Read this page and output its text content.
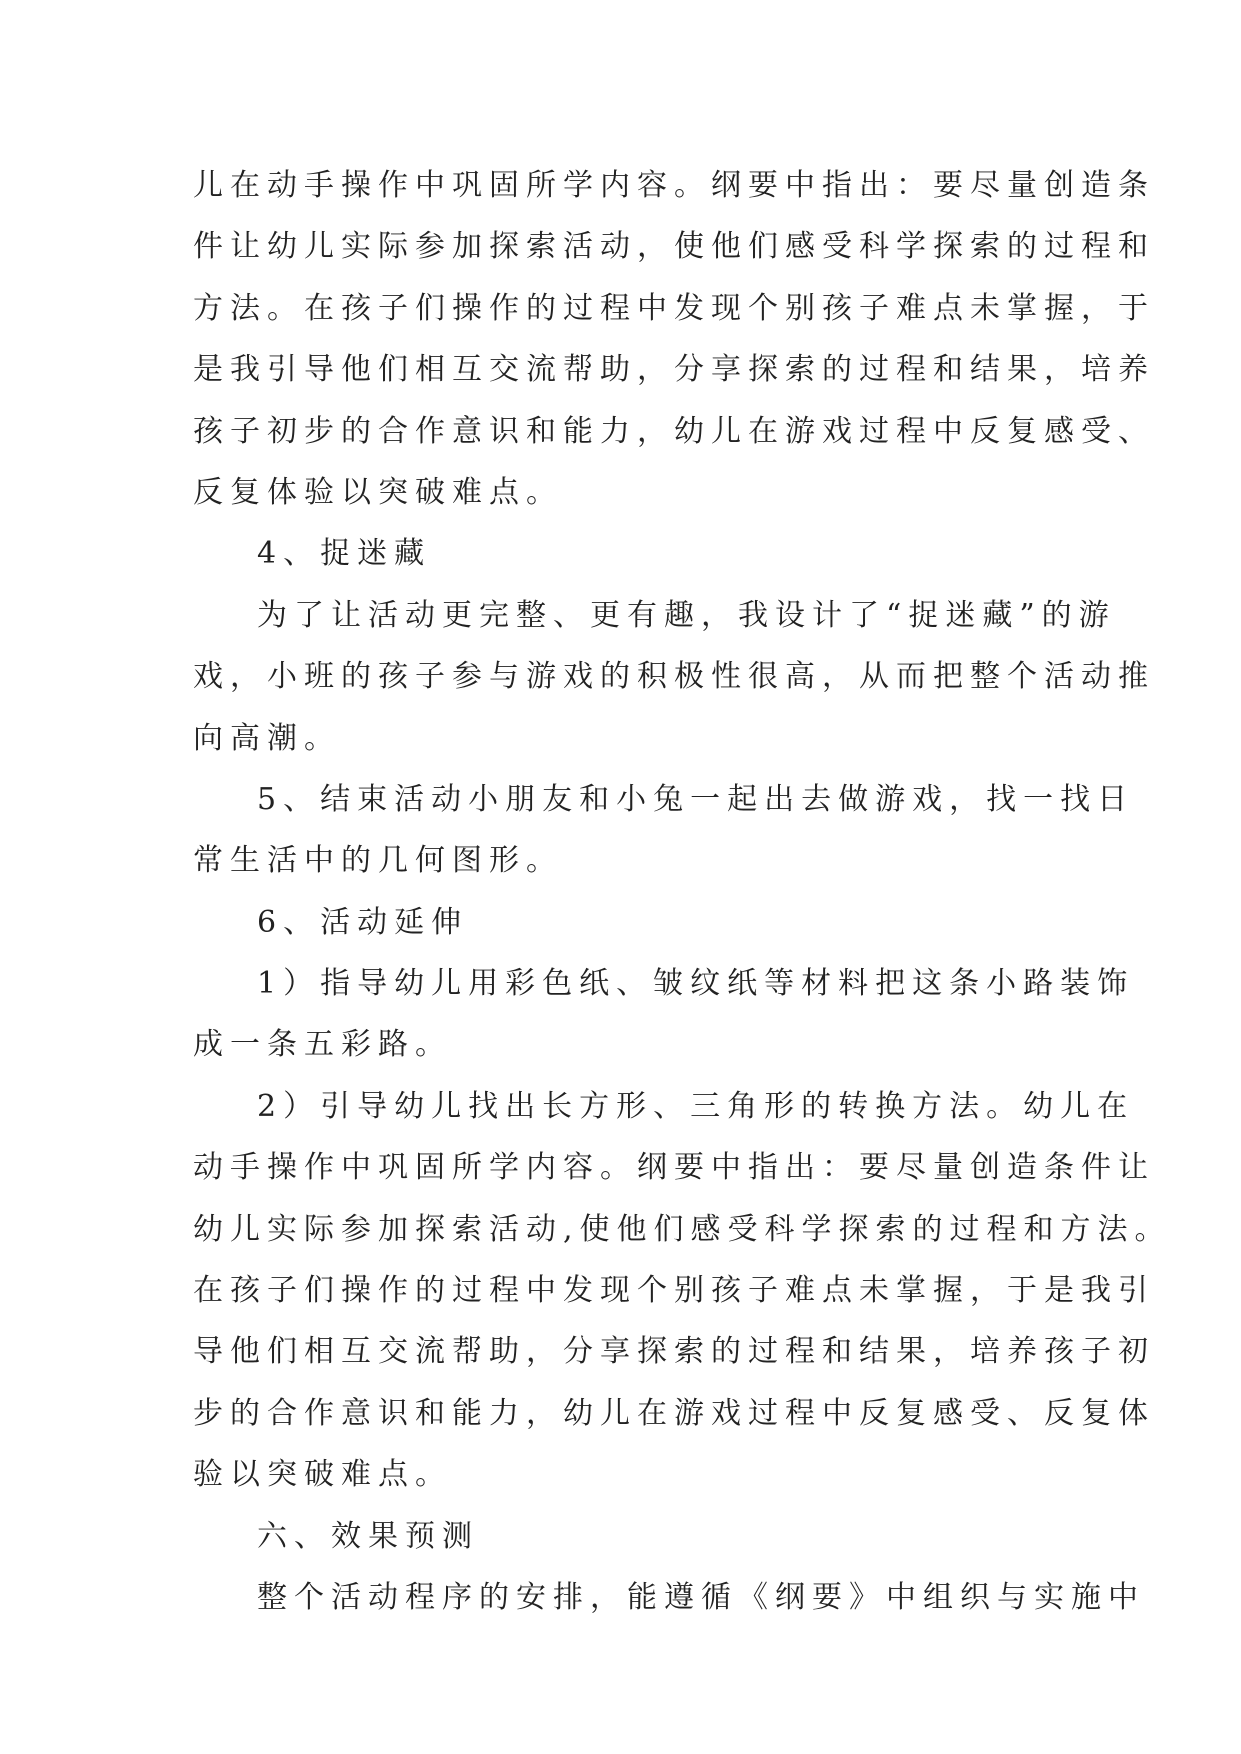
儿在动手操作中巩固所学内容。纲要中指出：要尽量创造条
件让幼儿实际参加探索活动，使他们感受科学探索的过程和
方法。在孩子们操作的过程中发现个别孩子难点未掌握，于
是我引导他们相互交流帮助，分享探索的过程和结果，培养
孩子初步的合作意识和能力，幼儿在游戏过程中反复感受、
反复体验以突破难点。
4、捉迷藏
为了让活动更完整、更有趣，我设计了“捉迷藏”的游
戏，小班的孩子参与游戏的积极性很高，从而把整个活动推
向高潮。
5、结束活动小朋友和小兔一起出去做游戏，找一找日
常生活中的几何图形。
6、活动延伸
1）指导幼儿用彩色纸、皱纹纸等材料把这条小路装饰
成一条五彩路。
2）引导幼儿找出长方形、三角形的转换方法。幼儿在
动手操作中巩固所学内容。纲要中指出：要尽量创造条件让
幼儿实际参加探索活动,使他们感受科学探索的过程和方法。
在孩子们操作的过程中发现个别孩子难点未掌握，于是我引
导他们相互交流帮助，分享探索的过程和结果，培养孩子初
步的合作意识和能力，幼儿在游戏过程中反复感受、反复体
验以突破难点。
六、效果预测
整个活动程序的安排，能遵循《纲要》中组织与实施中
